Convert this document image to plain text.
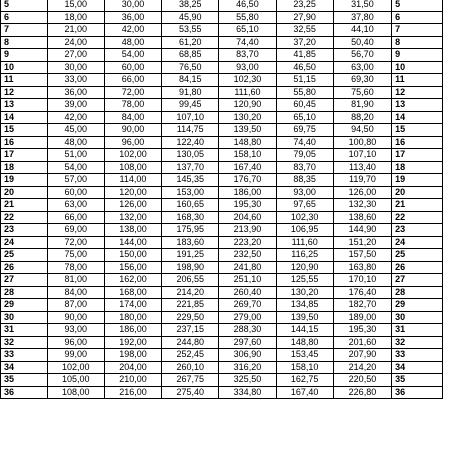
5	15,00	30,00	38,25	46,50	23,25	31,50	5
6	18,00	36,00	45,90	55,80	27,90	37,80	6
7	21,00	42,00	53,55	65,10	32,55	44,10	7
8	24,00	48,00	61,20	74,40	37,20	50,40	8
9	27,00	54,00	68,85	83,70	41,85	56,70	9
10	30,00	60,00	76,50	93,00	46,50	63,00	10
11	33,00	66,00	84,15	102,30	51,15	69,30	11
12	36,00	72,00	91,80	111,60	55,80	75,60	12
13	39,00	78,00	99,45	120,90	60,45	81,90	13
14	42,00	84,00	107,10	130,20	65,10	88,20	14
15	45,00	90,00	114,75	139,50	69,75	94,50	15
16	48,00	96,00	122,40	148,80	74,40	100,80	16
17	51,00	102,00	130,05	158,10	79,05	107,10	17
18	54,00	108,00	137,70	167,40	83,70	113,40	18
19	57,00	114,00	145,35	176,70	88,35	119,70	19
20	60,00	120,00	153,00	186,00	93,00	126,00	20
21	63,00	126,00	160,65	195,30	97,65	132,30	21
22	66,00	132,00	168,30	204,60	102,30	138,60	22
23	69,00	138,00	175,95	213,90	106,95	144,90	23
24	72,00	144,00	183,60	223,20	111,60	151,20	24
25	75,00	150,00	191,25	232,50	116,25	157,50	25
26	78,00	156,00	198,90	241,80	120,90	163,80	26
27	81,00	162,00	206,55	251,10	125,55	170,10	27
28	84,00	168,00	214,20	260,40	130,20	176,40	28
29	87,00	174,00	221,85	269,70	134,85	182,70	29
30	90,00	180,00	229,50	279,00	139,50	189,00	30
31	93,00	186,00	237,15	288,30	144,15	195,30	31
32	96,00	192,00	244,80	297,60	148,80	201,60	32
33	99,00	198,00	252,45	306,90	153,45	207,90	33
34	102,00	204,00	260,10	316,20	158,10	214,20	34
35	105,00	210,00	267,75	325,50	162,75	220,50	35
36	108,00	216,00	275,40	334,80	167,40	226,80	36
